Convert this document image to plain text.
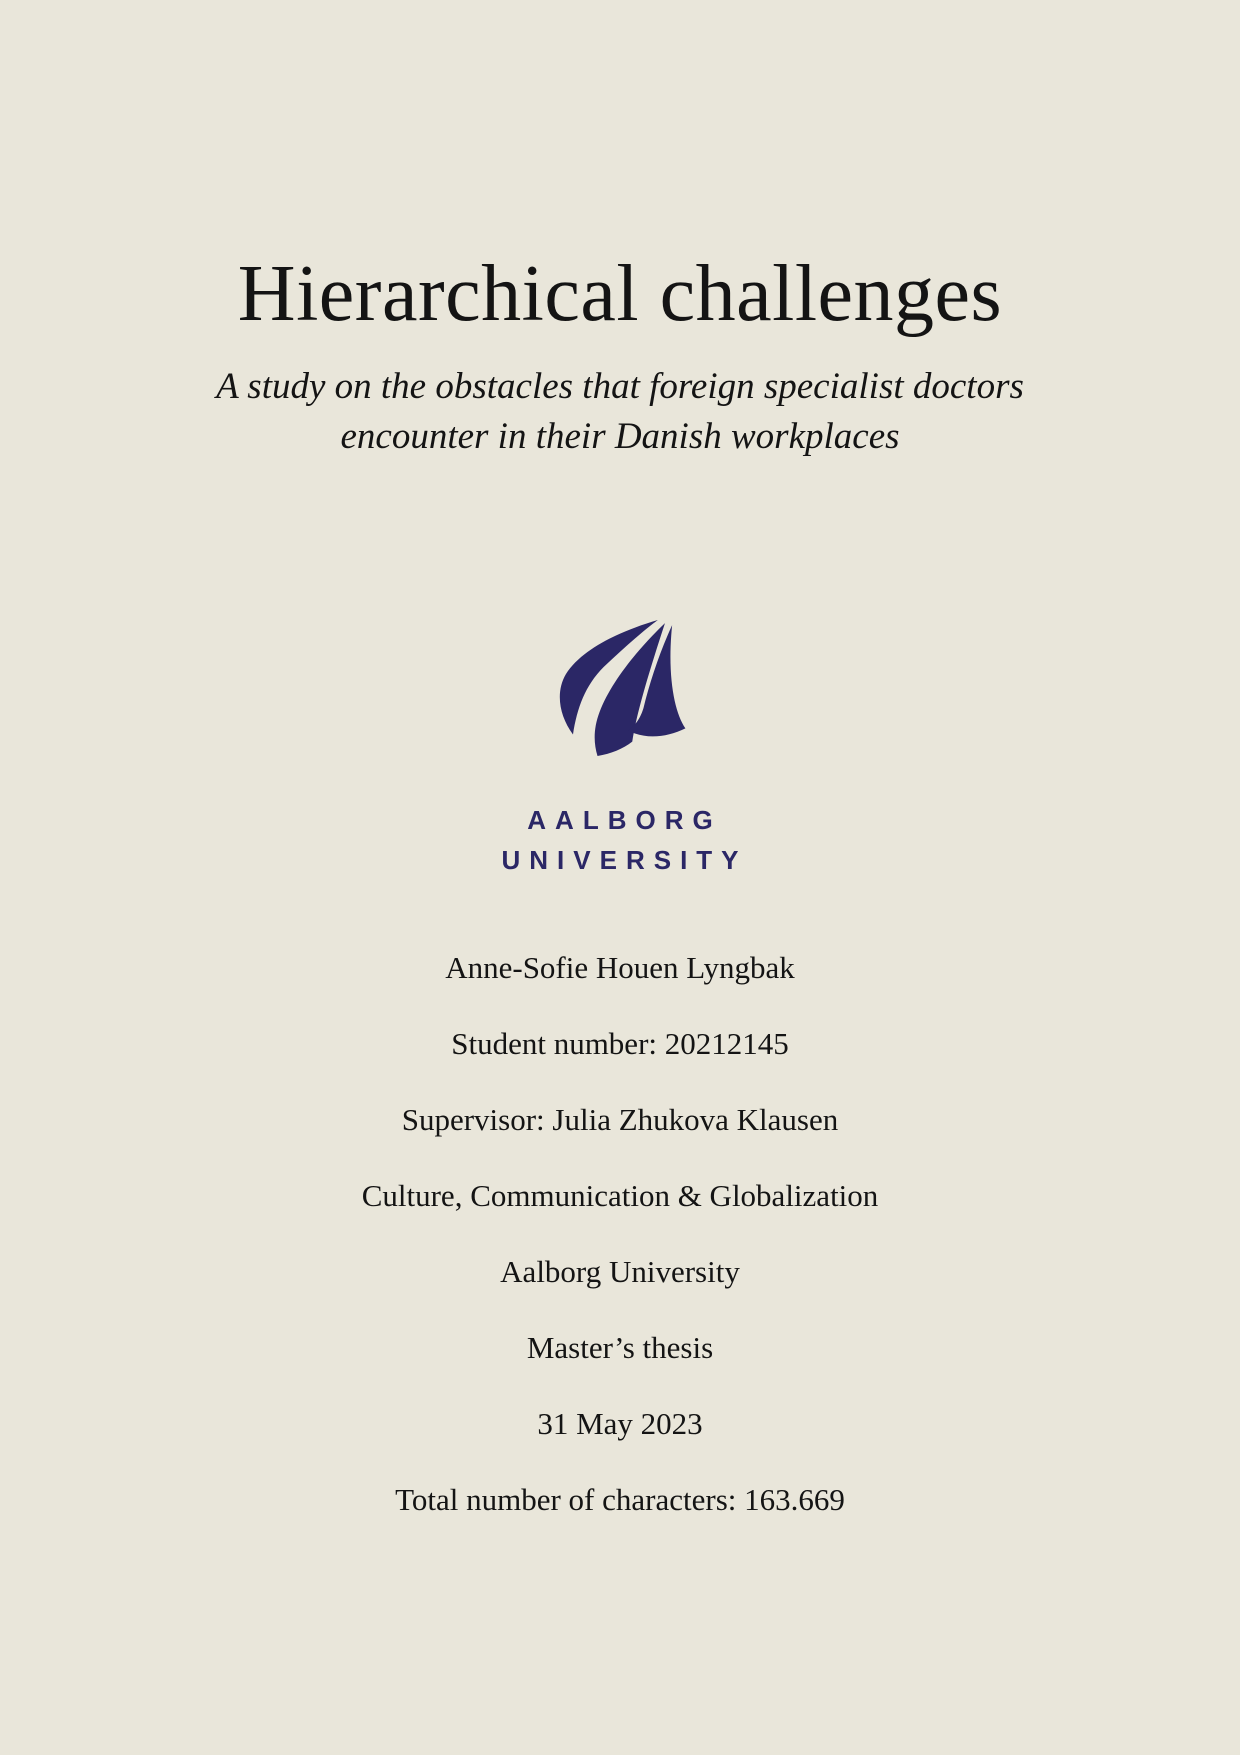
Hierarchical challenges

A study on the obstacles that foreign specialist doctors
encounter in their Danish workplaces

AALBORG
UNIVERSITY
Anne-Sofie Houen Lyngbak
Student number: 20212145
Supervisor: Julia Zhukova Klausen
Culture, Communication & Globalization
Aalborg University
Master’s thesis
31 May 2023
Total number of characters: 163.669
